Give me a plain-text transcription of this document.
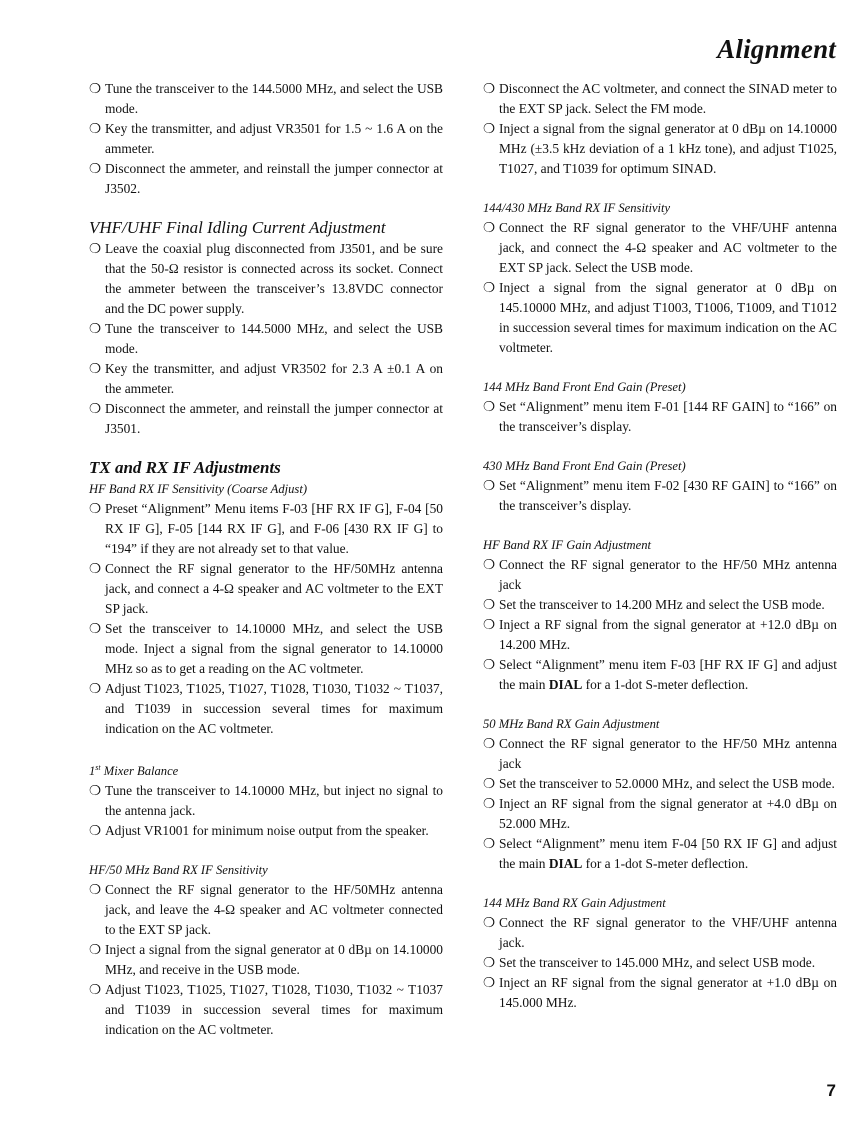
Alignment
❍ Tune the transceiver to the 144.5000 MHz, and select the USB mode.
❍ Key the transmitter, and adjust VR3501 for 1.5 ~ 1.6 A on the ammeter.
❍ Disconnect the ammeter, and reinstall the jumper connector at J3502.
VHF/UHF Final Idling Current Adjustment
❍ Leave the coaxial plug disconnected from J3501, and be sure that the 50-Ω resistor is connected across its socket. Connect the ammeter between the transceiver’s 13.8VDC connector and the DC power supply.
❍ Tune the transceiver to 144.5000 MHz, and select the USB mode.
❍ Key the transmitter, and adjust VR3502 for 2.3 A ±0.1 A on the ammeter.
❍ Disconnect the ammeter, and reinstall the jumper connector at J3501.
TX and RX IF Adjustments
HF Band RX IF Sensitivity (Coarse Adjust)
❍ Preset “Alignment” Menu items F-03 [HF RX IF G], F-04 [50 RX IF G], F-05 [144 RX IF G], and F-06 [430 RX IF G] to “194” if they are not already set to that value.
❍ Connect the RF signal generator to the HF/50MHz antenna jack, and connect a 4-Ω speaker and AC voltmeter to the EXT SP jack.
❍ Set the transceiver to 14.10000 MHz, and select the USB mode. Inject a signal from the signal generator to 14.10000 MHz so as to get a reading on the AC voltmeter.
❍ Adjust T1023, T1025, T1027, T1028, T1030, T1032 ~ T1037, and T1039 in succession several times for maximum indication on the AC voltmeter.
1st Mixer Balance
❍ Tune the transceiver to 14.10000 MHz, but inject no signal to the antenna jack.
❍ Adjust VR1001 for minimum noise output from the speaker.
HF/50 MHz Band RX IF Sensitivity
❍ Connect the RF signal generator to the HF/50MHz antenna jack, and leave the 4-Ω speaker and AC voltmeter connected to the EXT SP jack.
❍ Inject a signal from the signal generator at 0 dBµ on 14.10000 MHz, and receive in the USB mode.
❍ Adjust T1023, T1025, T1027, T1028, T1030, T1032 ~ T1037 and T1039 in succession several times for maximum indication on the AC voltmeter.
❍ Disconnect the AC voltmeter, and connect the SINAD meter to the EXT SP jack. Select the FM mode.
❍ Inject a signal from the signal generator at 0 dBµ on 14.10000 MHz (±3.5 kHz deviation of a 1 kHz tone), and adjust T1025, T1027, and T1039 for optimum SINAD.
144/430 MHz Band RX IF Sensitivity
❍ Connect the RF signal generator to the VHF/UHF antenna jack, and connect the 4-Ω speaker and AC voltmeter to the EXT SP jack. Select the USB mode.
❍ Inject a signal from the signal generator at 0 dBµ on 145.10000 MHz, and adjust T1003, T1006, T1009, and T1012 in succession several times for maximum indication on the AC voltmeter.
144 MHz Band Front End Gain (Preset)
❍ Set “Alignment” menu item F-01 [144 RF GAIN] to “166” on the transceiver’s display.
430 MHz Band Front End Gain (Preset)
❍ Set “Alignment” menu item F-02 [430 RF GAIN] to “166” on the transceiver’s display.
HF Band RX IF Gain Adjustment
❍ Connect the RF signal generator to the HF/50 MHz antenna jack
❍ Set the transceiver to 14.200 MHz and select the USB mode.
❍ Inject a RF signal from the signal generator at +12.0 dBµ on 14.200 MHz.
❍ Select “Alignment” menu item F-03 [HF RX IF G] and adjust the main DIAL for a 1-dot S-meter deflection.
50 MHz Band RX Gain Adjustment
❍ Connect the RF signal generator to the HF/50 MHz antenna jack
❍ Set the transceiver to 52.0000 MHz, and select the USB mode.
❍ Inject an RF signal from the signal generator at +4.0 dBµ on 52.000 MHz.
❍ Select “Alignment” menu item F-04 [50 RX IF G] and adjust the main DIAL for a 1-dot S-meter deflection.
144 MHz Band RX Gain Adjustment
❍ Connect the RF signal generator to the VHF/UHF antenna jack.
❍ Set the transceiver to 145.000 MHz, and select USB mode.
❍ Inject an RF signal from the signal generator at +1.0 dBµ on 145.000 MHz.
7
